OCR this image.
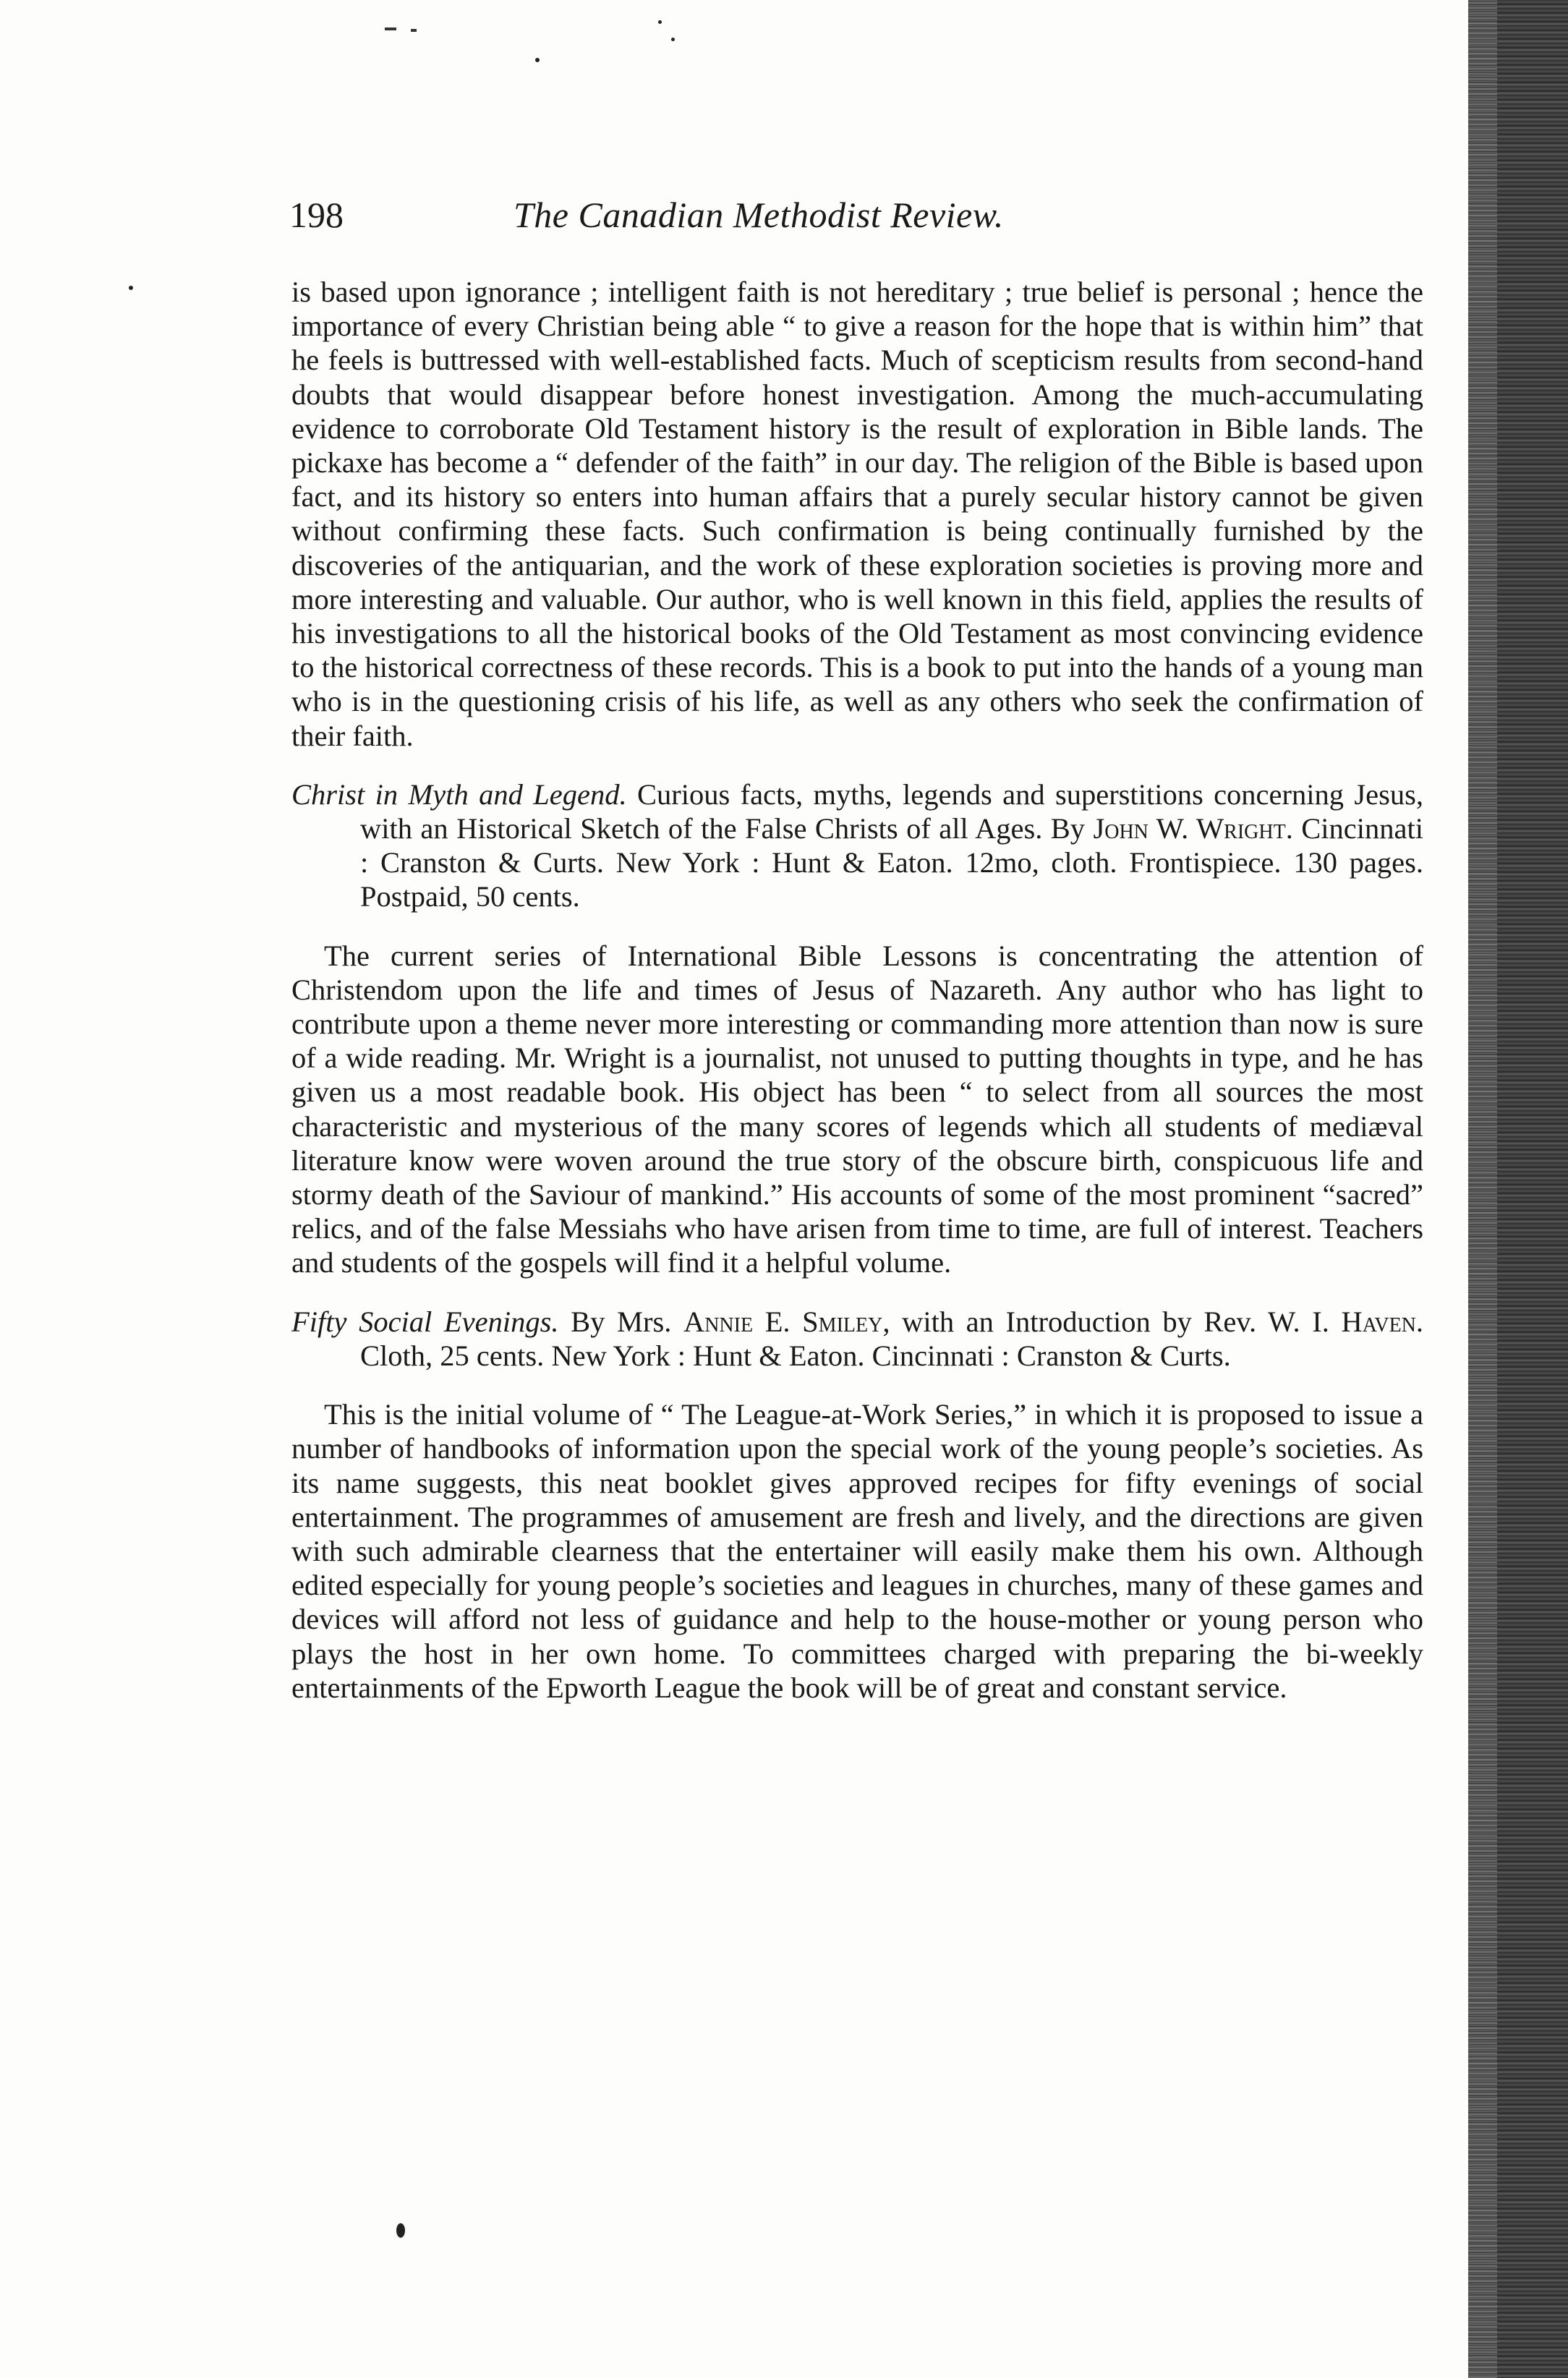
198	The Canadian Methodist Review.

is based upon ignorance ; intelligent faith is not hereditary ; true belief is personal ; hence the importance of every Christian being able “ to give a reason for the hope that is within him” that he feels is buttressed with well-established facts. Much of scepticism results from second-hand doubts that would disappear before honest investigation. Among the much-accumulating evidence to corroborate Old Testament history is the result of exploration in Bible lands. The pickaxe has become a “ defender of the faith” in our day. The religion of the Bible is based upon fact, and its history so enters into human affairs that a purely secular history cannot be given without confirming these facts. Such confirmation is being continually furnished by the discoveries of the antiquarian, and the work of these exploration societies is proving more and more interesting and valuable. Our author, who is well known in this field, applies the results of his investigations to all the historical books of the Old Testament as most convincing evidence to the historical correctness of these records. This is a book to put into the hands of a young man who is in the questioning crisis of his life, as well as any others who seek the confirmation of their faith.

Christ in Myth and Legend. Curious facts, myths, legends and superstitions concerning Jesus, with an Historical Sketch of the False Christs of all Ages. By John W. Wright. Cincinnati : Cranston & Curts. New York : Hunt & Eaton. 12mo, cloth. Frontispiece. 130 pages. Postpaid, 50 cents.

The current series of International Bible Lessons is concentrating the attention of Christendom upon the life and times of Jesus of Nazareth. Any author who has light to contribute upon a theme never more interesting or commanding more attention than now is sure of a wide reading. Mr. Wright is a journalist, not unused to putting thoughts in type, and he has given us a most readable book. His object has been “ to select from all sources the most characteristic and mysterious of the many scores of legends which all students of mediæval literature know were woven around the true story of the obscure birth, conspicuous life and stormy death of the Saviour of mankind.” His accounts of some of the most prominent “sacred” relics, and of the false Messiahs who have arisen from time to time, are full of interest. Teachers and students of the gospels will find it a helpful volume.

Fifty Social Evenings. By Mrs. Annie E. Smiley, with an Introduction by Rev. W. I. Haven. Cloth, 25 cents. New York : Hunt & Eaton. Cincinnati : Cranston & Curts.

This is the initial volume of “ The League-at-Work Series,” in which it is proposed to issue a number of handbooks of information upon the special work of the young people’s societies. As its name suggests, this neat booklet gives approved recipes for fifty evenings of social entertainment. The programmes of amusement are fresh and lively, and the directions are given with such admirable clearness that the entertainer will easily make them his own. Although edited especially for young people’s societies and leagues in churches, many of these games and devices will afford not less of guidance and help to the house-mother or young person who plays the host in her own home. To committees charged with preparing the bi-weekly entertainments of the Epworth League the book will be of great and constant service.
